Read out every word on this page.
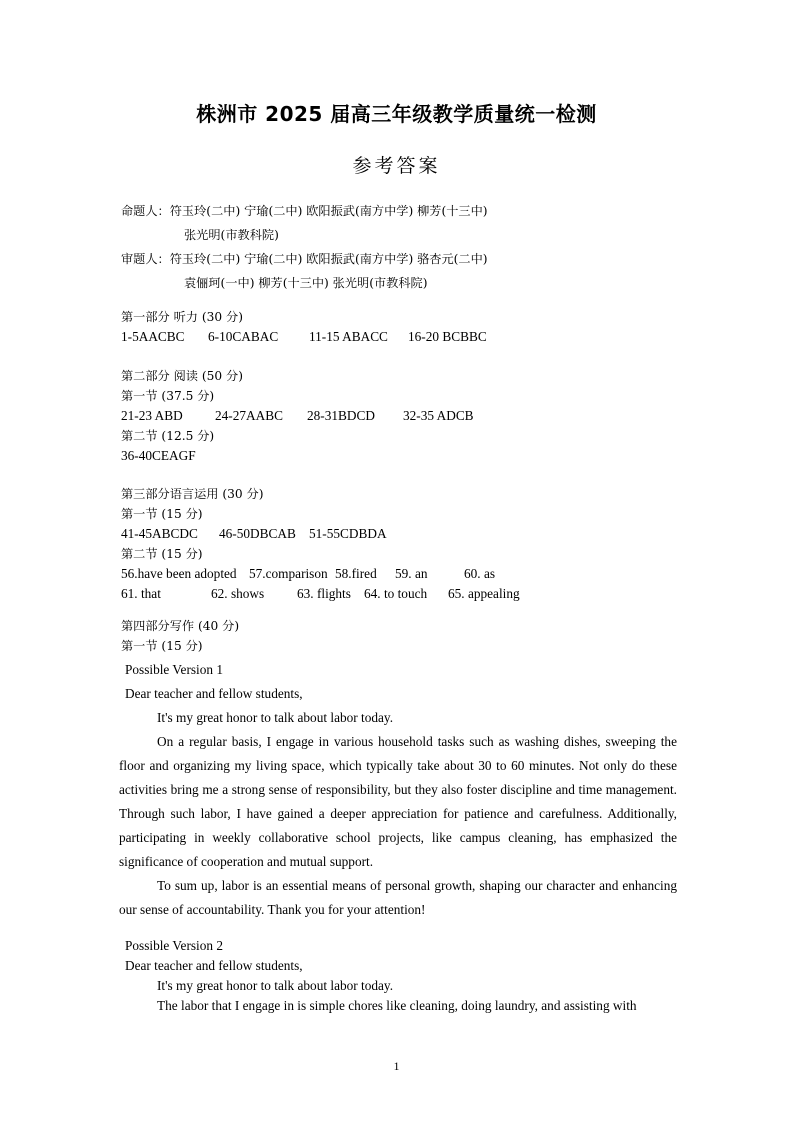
株洲市 2025 届高三年级教学质量统一检测
参考答案
命题人：符玉玲(二中) 宁瑜(二中) 欧阳振武(南方中学) 柳芳(十三中)
张光明(市教科院)
审题人：符玉玲(二中) 宁瑜(二中) 欧阳振武(南方中学) 骆杏元(二中)
袁俪珂(一中) 柳芳(十三中) 张光明(市教科院)
第一部分 听力 (30 分)
1-5AACBC 6-10CABAC 11-15 ABACC 16-20 BCBBC
第二部分 阅读 (50 分)
第一节 (37.5 分)
21-23 ABD 24-27AABC 28-31BDCD 32-35 ADCB
第二节 (12.5 分)
36-40CEAGF
第三部分语言运用 (30 分)
第一节 (15 分)
41-45ABCDC 46-50DBCAB 51-55CDBDA
第二节 (15 分)
56.have been adopted 57.comparison 58.fired 59. an	60. as
61. that	62. shows 63. flights 64. to touch 65. appealing
第四部分写作 (40 分)
第一节 (15 分)
Possible Version 1
Dear teacher and fellow students,
It's my great honor to talk about labor today.

On a regular basis, I engage in various household tasks such as washing dishes, sweeping the floor and organizing my living space, which typically take about 30 to 60 minutes. Not only do these activities bring me a strong sense of responsibility, but they also foster discipline and time management. Through such labor, I have gained a deeper appreciation for patience and carefulness. Additionally, participating in weekly collaborative school projects, like campus cleaning, has emphasized the significance of cooperation and mutual support.

To sum up, labor is an essential means of personal growth, shaping our character and enhancing our sense of accountability. Thank you for your attention!

Possible Version 2
Dear teacher and fellow students,
It's my great honor to talk about labor today.
The labor that I engage in is simple chores like cleaning, doing laundry, and assisting with
1
